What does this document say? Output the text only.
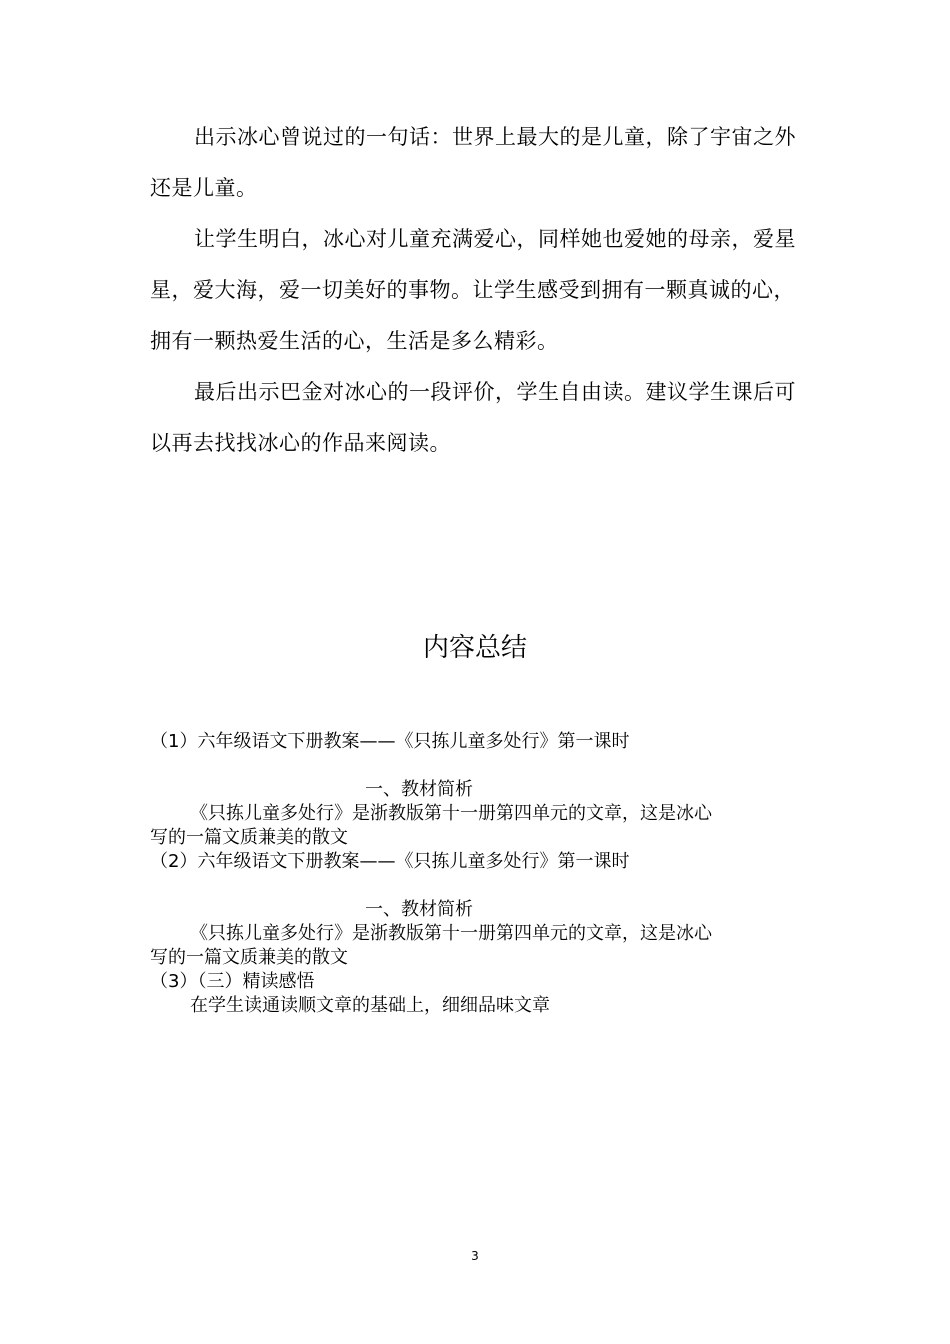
出示冰心曾说过的一句话：世界上最大的是儿童，除了宇宙之外还是儿童。

让学生明白，冰心对儿童充满爱心，同样她也爱她的母亲，爱星星，爱大海，爱一切美好的事物。让学生感受到拥有一颗真诚的心，拥有一颗热爱生活的心，生活是多么精彩。

最后出示巴金对冰心的一段评价，学生自由读。建议学生课后可以再去找找冰心的作品来阅读。

内容总结
（1）六年级语文下册教案——《只拣儿童多处行》第一课时
一、教材简析
《只拣儿童多处行》是浙教版第十一册第四单元的文章，这是冰心
写的一篇文质兼美的散文
（2）六年级语文下册教案——《只拣儿童多处行》第一课时
一、教材简析
《只拣儿童多处行》是浙教版第十一册第四单元的文章，这是冰心
写的一篇文质兼美的散文
（3）（三）精读感悟
在学生读通读顺文章的基础上，细细品味文章
3
